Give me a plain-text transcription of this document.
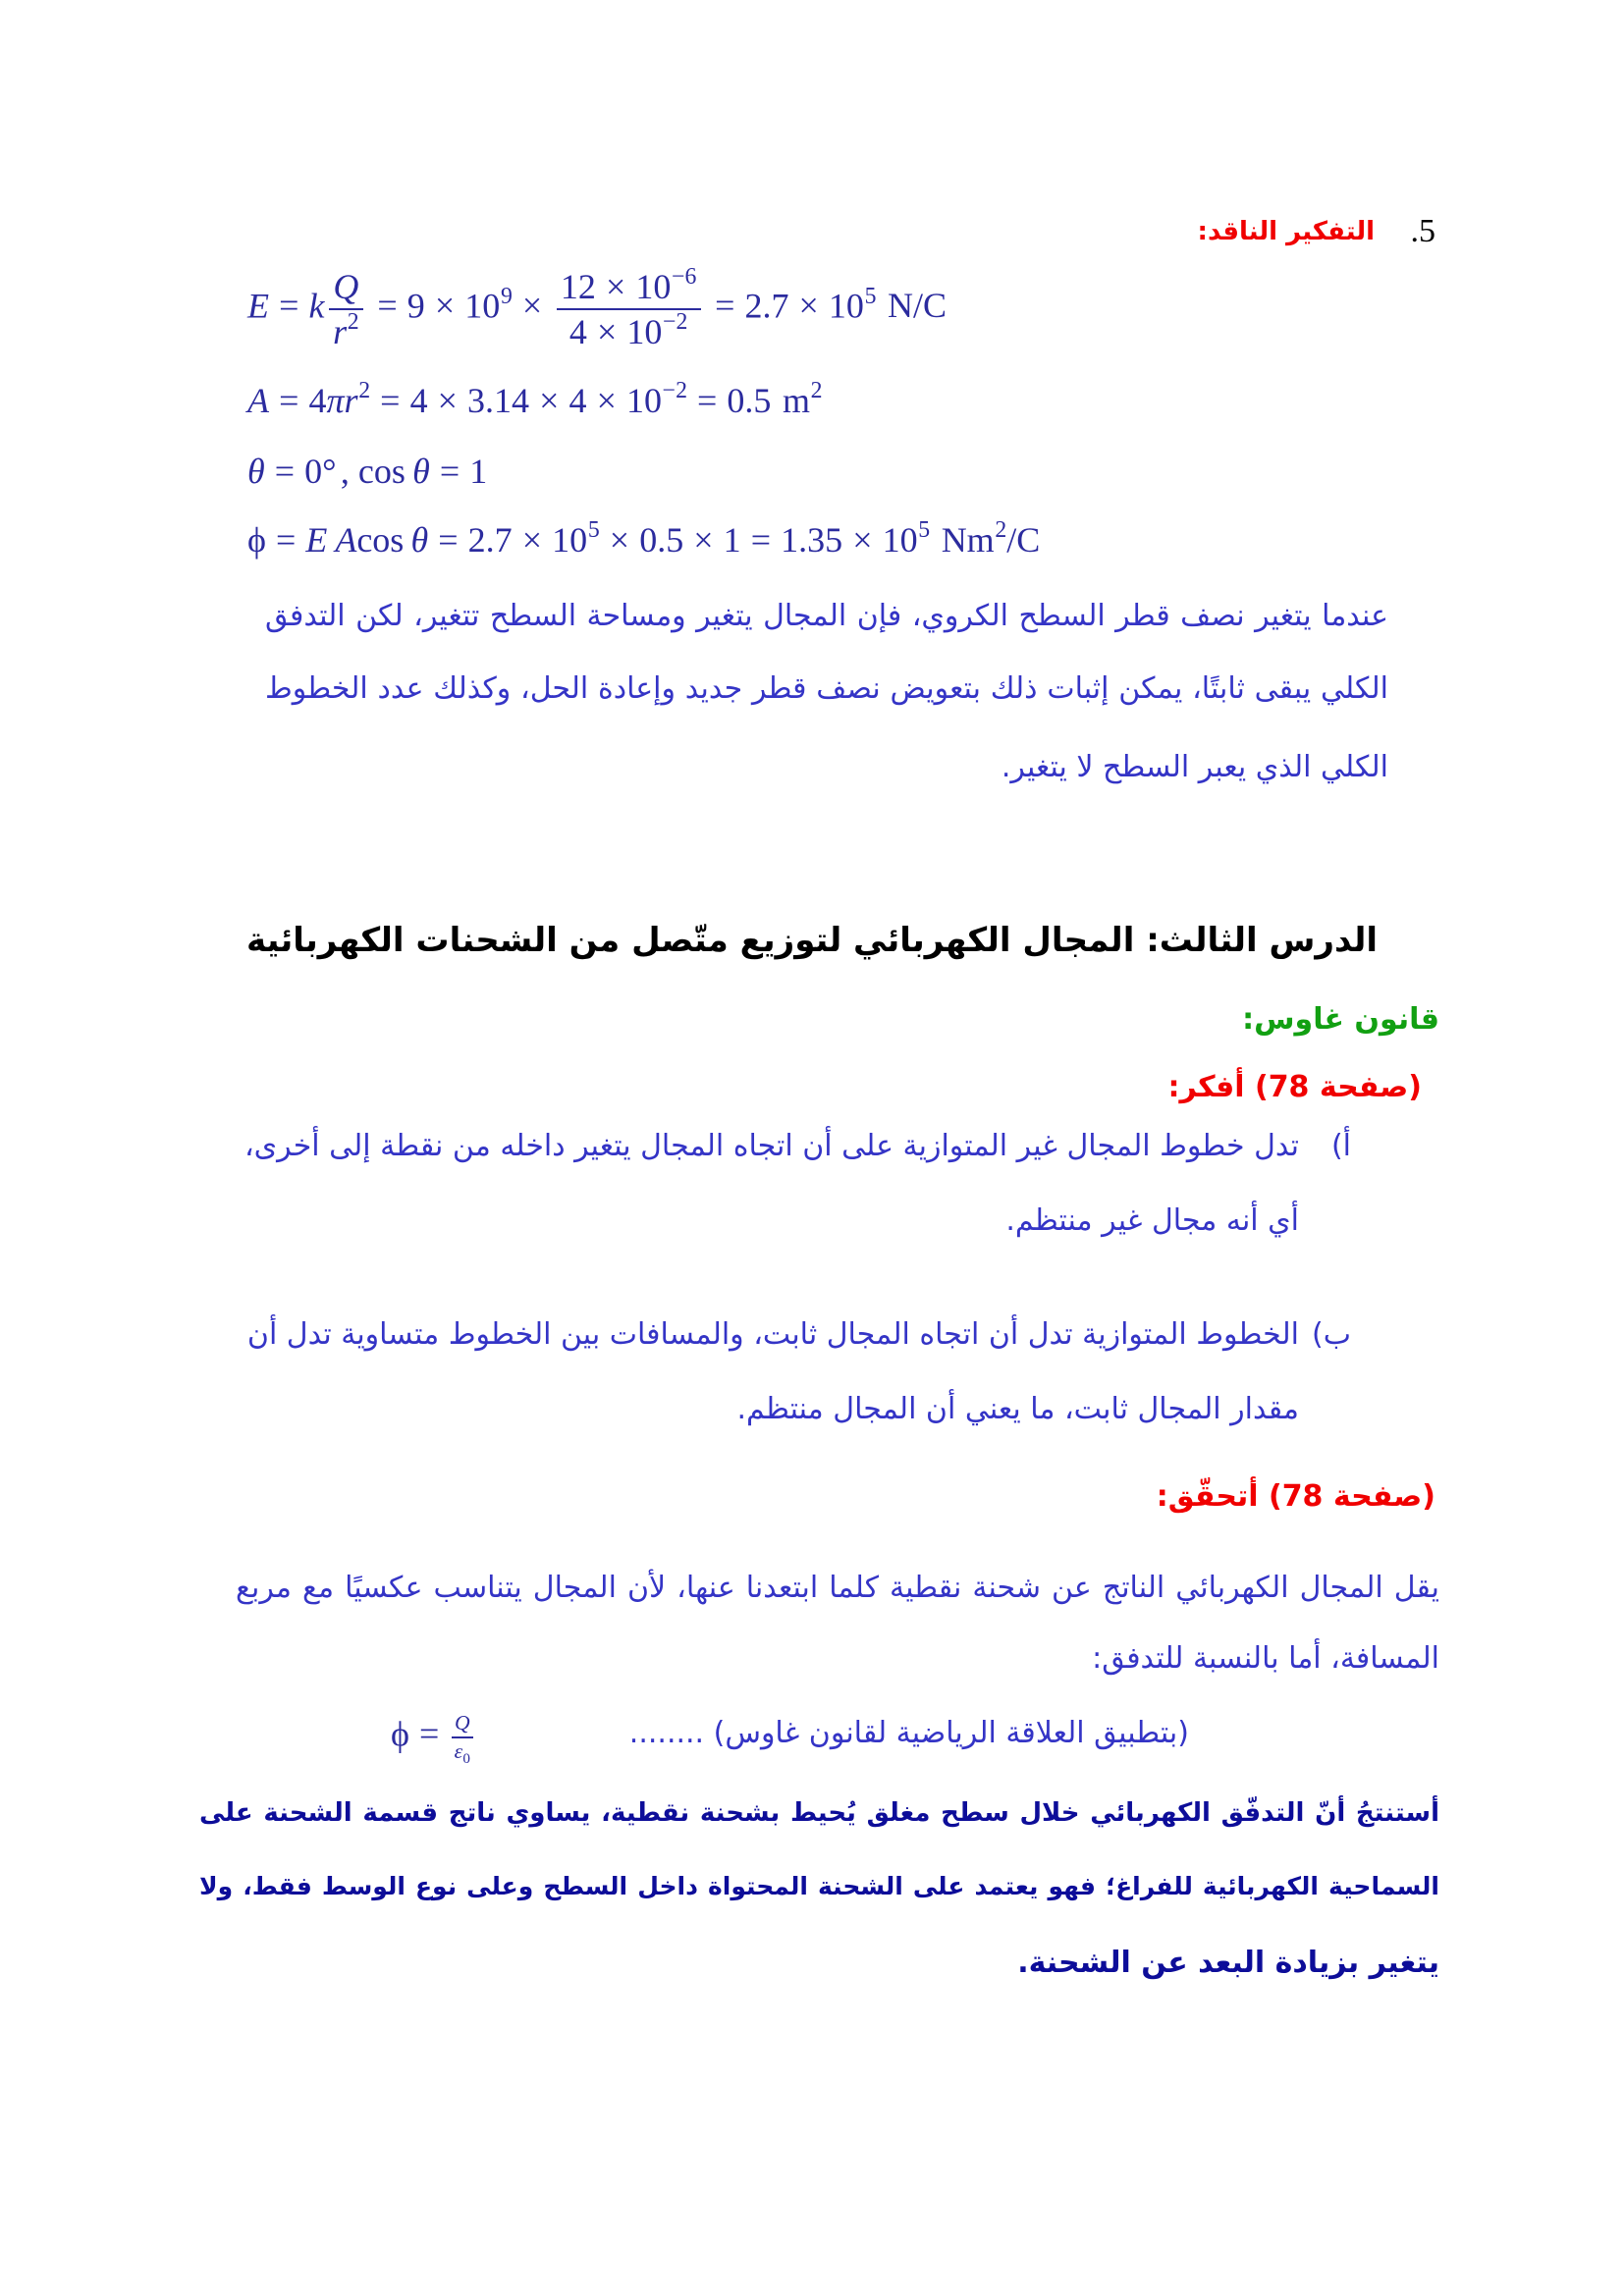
5.
التفكير الناقد:
E = k $\frac{Q}{r^2} = 9 \times 10^9 \times \frac{12 \times 10^{-6}}{4 \times 10^{-2}} = 2.7 \times 10^5$ N/C
$A = 4\pi r^2 = 4 \times 3.14 \times 4 \times 10^{-2} = 0.5$ $m^2$
θ = 0° , cos θ = 1
ϕ = E Acos $\theta = 2.7 \times 10^5 \times 0.5 \times 1 = 1.35 \times 10^5$ Nm$^2$/C
عندما يتغير نصف قطر السطح الكروي، فإن المجال يتغير ومساحة السطح تتغير، لكن التدفق
الكلي يبقى ثابتًا، يمكن إثبات ذلك بتعويض نصف قطر جديد وإعادة الحل، وكذلك عدد الخطوط
الكلي الذي يعبر السطح لا يتغير.
الدرس الثالث: المجال الكهربائي لتوزيع متّصل من الشحنات الكهربائية
قانون غاوس:
(صفحة 78) أفكر:
أ)
تدل خطوط المجال غير المتوازية على أن اتجاه المجال يتغير داخله من نقطة إلى أخرى،
أي أنه مجال غير منتظم.
ب)
الخطوط المتوازية تدل أن اتجاه المجال ثابت، والمسافات بين الخطوط متساوية تدل أن
مقدار المجال ثابت، ما يعني أن المجال منتظم.
(صفحة 78) أتحقّق:
يقل المجال الكهربائي الناتج عن شحنة نقطية كلما ابتعدنا عنها، لأن المجال يتناسب عكسيًا مع مربع
المسافة، أما بالنسبة للتدفق:
$\phi = \frac{Q}{\varepsilon_0}$	(بتطبيق العلاقة الرياضية لقانون غاوس) ........
أستنتجُ أنّ التدفّق الكهربائي خلال سطح مغلق يُحيط بشحنة نقطية، يساوي ناتج قسمة الشحنة على
السماحية الكهربائية للفراغ؛ فهو يعتمد على الشحنة المحتواة داخل السطح وعلى نوع الوسط فقط، ولا
يتغير بزيادة البعد عن الشحنة.
